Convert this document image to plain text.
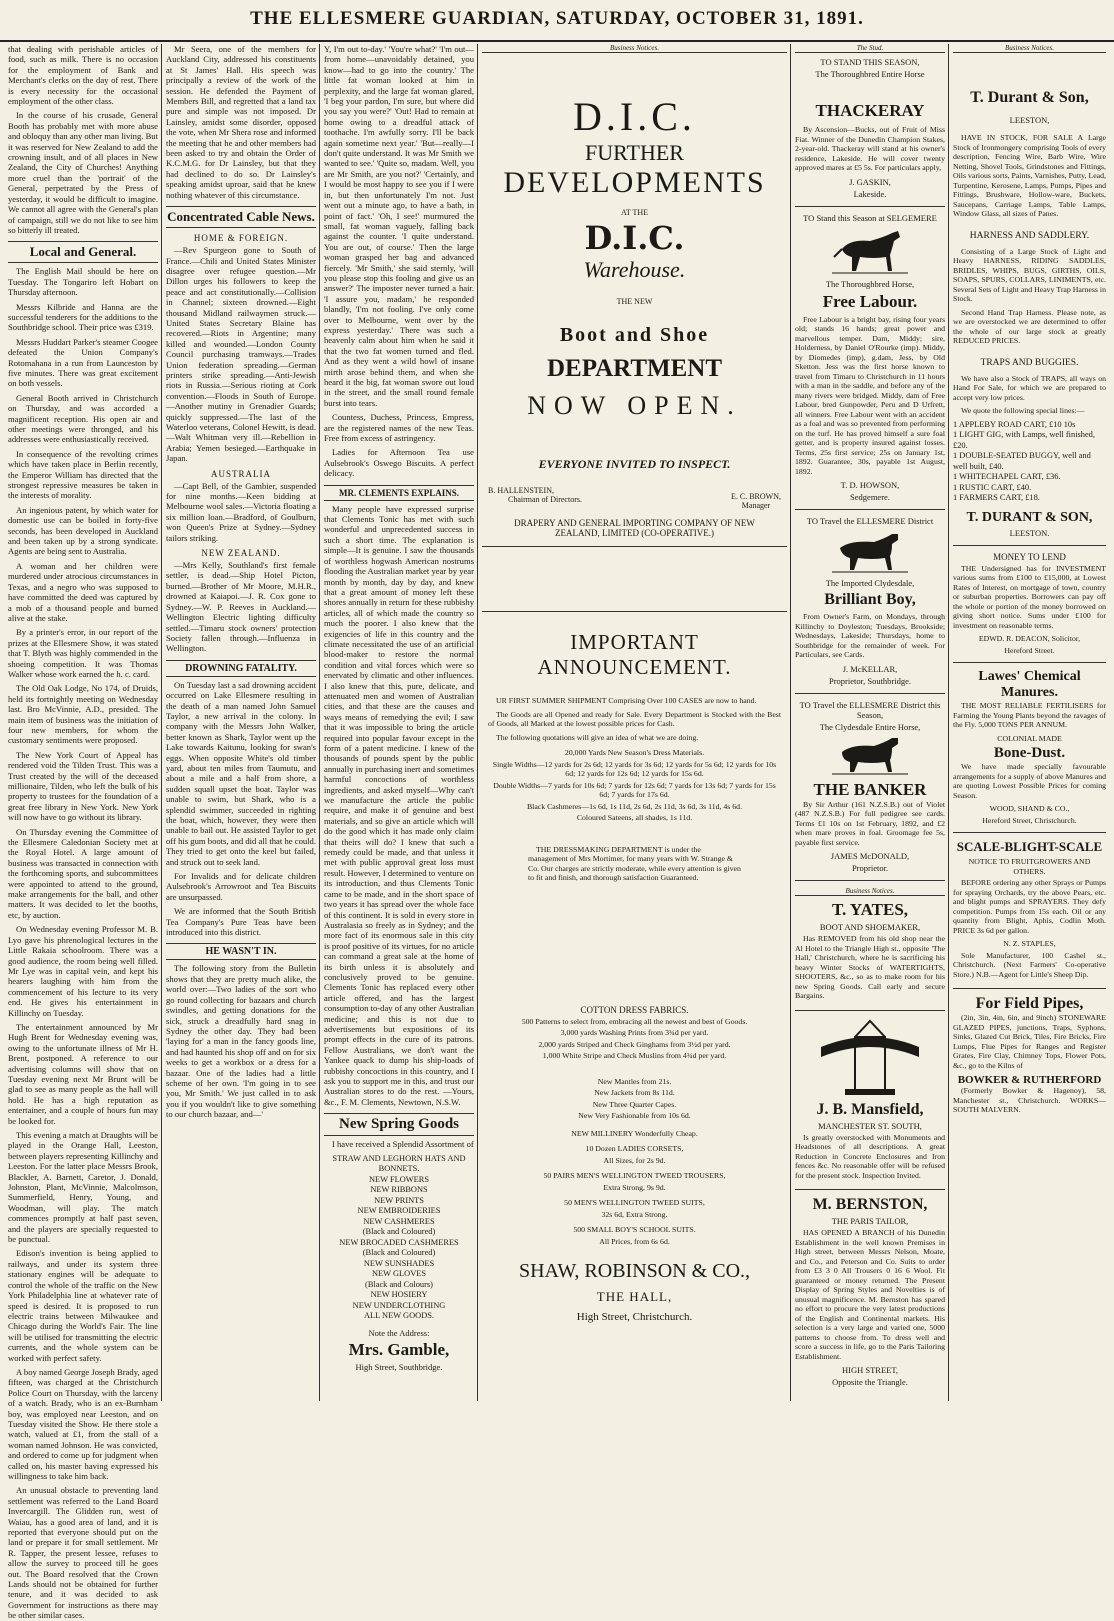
THE ELLESMERE GUARDIAN, SATURDAY, OCTOBER 31, 1891.

that dealing with perishable articles of food, such as milk. There is no occasion for the employment of Bank and Merchant's clerks on the day of rest. There is every necessity for the occasional employment of the other class.

In the course of his crusade, General Booth has probably met with more abuse and obloquy than any other man living. But it was reserved for New Zealand to add the crowning insult, and of all places in New Zealand, the City of Churches! Anything more cruel than the 'portrait' of the General, perpetrated by the Press of yesterday, it would be difficult to imagine. We cannot all agree with the General's plan of campaign, still we do not like to see him so bitterly ill treated.

Local and General.

The English Mail should be here on Tuesday. The Tongariro left Hobart on Thursday afternoon.

Messrs Kilbride and Hanna are the successful tenderers for the additions to the Southbridge school. Their price was £319.

Messrs Huddart Parker's steamer Coogee defeated the Union Company's Rotomahana in a run from Launceston by five minutes. There was great excitement on both vessels.

General Booth arrived in Christchurch on Thursday, and was accorded a magnificent reception. His open air and other meetings were thronged, and his addresses were enthusiastically received.

In consequence of the revolting crimes which have taken place in Berlin recently, the Emperor William has directed that the strongest repressive measures be taken in the interests of morality.

An ingenious patent, by which water for domestic use can be boiled in forty-five seconds, has been developed in Auckland and been taken up by a strong syndicate. Agents are being sent to Australia.

A woman and her children were murdered under atrocious circumstances in Texas, and a negro who was supposed to have committed the deed was captured by a mob of a thousand people and burned alive at the stake.

By a printer's error, in our report of the prizes at the Ellesmere Show, it was stated that T. Blyth was highly commended in the shoeing competition. It was Thomas Walker whose work earned the h. c. card.

The Old Oak Lodge, No 174, of Druids, held its fortnightly meeting on Wednesday last. Bro McVinnie, A.D., presided. The main item of business was the initiation of four new members, for whom the customary sentiments were proposed.

The New York Court of Appeal has rendered void the Tilden Trust. This was a Trust created by the will of the deceased millionaire, Tilden, who left the bulk of his property to trustees for the foundation of a great free library in New York. New York will now have to go without its library.

On Thursday evening the Committee of the Ellesmere Caledonian Society met at the Royal Hotel. A large amount of business was transacted in connection with the forthcoming sports, and subcommittees were appointed to attend to the ground, make arrangements for the ball, and other matters. It was decided to let the booths, etc, by auction.

On Wednesday evening Professor M. B. Lyo gave his phrenological lectures in the Little Rakaia schoolroom. There was a good audience, the room being well filled. Mr Lye was in capital vein, and kept his hearers laughing with him from the commencement of his lecture to its very end. He gives his entertainment in Killinchy on Tuesday.

The entertainment announced by Mr Hugh Brent for Wednesday evening was, owing to the unfortunate illness of Mr H. Brent, postponed. A reference to our advertising columns will show that on Tuesday evening next Mr Brunt will be glad to see as many people as the hall will hold. He has a high reputation as entertainer, and a couple of hours fun may be looked for.

This evening a match at Draughts will be played in the Orange Hall, Leeston, between players representing Killinchy and Leeston. For the latter place Messrs Brook, Blackler, A. Barnett, Caretor, J. Donald, Johnston, Plant, McVinnie, Malcolmson, Summerfield, Henry, Young, and Woodman, will play. The match commences promptly at half past seven, and the players are specially requested to be punctual.

Edison's invention is being applied to railways, and under its system three stationary engines will be adequate to control the whole of the traffic on the New York Philadelphia line at whatever rate of speed is desired. It is proposed to run electric trains between Milwaukee and Chicago during the World's Fair. The line will be utilised for transmitting the electric currents, and the whole system can be worked with perfect safety.

A boy named George Joseph Brady, aged fifteen, was charged at the Christchurch Police Court on Thursday, with the larceny of a watch. Brady, who is an ex-Burnham boy, was employed near Leeston, and on Tuesday visited the Show. He there stole a watch, valued at £1, from the stall of a woman named Johnson. He was convicted, and ordered to come up for judgment when called on, his master having expressed his willingness to take him back.

An unusual obstacle to preventing land settlement was referred to the Land Board Invercargill. The Glidden run, west of Waiau, has a good area of land, and it is reported that everyone should put on the land or prepare it for small settlement. Mr R. Tapper, the present lessee, refuses to allow the survey to proceed till he goes out. The Board resolved that the Crown Lands should not be obtained for further tenure, and it was decided to ask Government for instructions as there may be other similar cases.

Mr Seera, one of the members for Auckland City, addressed his constituents at St James' Hall. His speech was principally a review of the work of the session. He defended the Payment of Members Bill, and regretted that a land tax pure and simple was not imposed. Dr Lainsley, amidst some disorder, opposed the vote, when Mr Shera rose and informed the meeting that he and other members had been asked to try and obtain the Order of K.C.M.G. for Dr Lainsley, but that they had declined to do so. Dr Lainsley's speaking amidst uproar, said that he knew nothing whatever of this circumstance.

Concentrated Cable News.
HOME & FOREIGN.

—Rev Spurgeon gone to South of France.—Chili and United States Minister disagree over refugee question.—Mr Dillon urges his followers to keep the peace and act constitutionally.—Collision in Channel; sixteen drowned.—Eight thousand Midland railwaymen struck.—United States Secretary Blaine has recovered.—Riots in Argentine; many killed and wounded.—London County Council purchasing tramways.—Trades Union federation spreading.—German printers strike spreading.—Anti-Jewish riots in Russia.—Serious rioting at Cork convention.—Floods in South of Europe.—Another mutiny in Grenadier Guards; quickly suppressed.—The last of the Waterloo veterans, Colonel Hewitt, is dead.—Walt Whitman very ill.—Rebellion in Arabia; Yemen besieged.—Earthquake in Japan.

AUSTRALIA

—Capt Bell, of the Gambier, suspended for nine months.—Keen bidding at Melbourne wool sales.—Victoria floating a six million loan.—Bradford, of Goulburn, won Queen's Prize at Sydney.—Sydney tailors striking.

NEW ZEALAND.

—Mrs Kelly, Southland's first female settler, is dead.—Ship Hotel Picton, burned.—Brother of Mr Moore, M.H.R., drowned at Kaiapoi.—J. R. Cox gone to Sydney.—W. P. Reeves in Auckland.—Wellington Electric lighting difficulty settled.—Timaru stock owners' protection Society fallen through.—Influenza in Wellington.

DROWNING FATALITY.

On Tuesday last a sad drowning accident occurred on Lake Ellesmere resulting in the death of a man named John Samuel Taylor, a new arrival in the colony. In company with the Messrs John Walker, better known as Shark, Taylor went up the Lake towards Kaitunu, looking for swan's eggs. When opposite White's old timber yard, about ten miles from Taumutu, and about a mile and a half from shore, a sudden squall upset the boat. Taylor was unable to swim, but Shark, who is a splendid swimmer, succeeded in righting the boat, which, however, they were then unable to bail out. He assisted Taylor to get off his gum boots, and did all that he could. They tried to get onto the keel but failed, and struck out to seek land.

For Invalids and for delicate children Aulsebrook's Arrowroot and Tea Biscuits are unsurpassed.

We are informed that the South British Tea Company's Pure Teas have been introduced into this district.

HE WASN'T IN.

The following story from the Bulletin shows that they are pretty much alike, the world over:—Two ladies of the sort who go round collecting for bazaars and church swindles, and getting donations for the sick, struck a dreadfully hard snag in Sydney the other day. They had been 'laying for' a man in the fancy goods line, and had haunted his shop off and on for six weeks to get a workbox or a dress for a bazaar. One of the ladies had a little scheme of her own. 'I'm going in to see you, Mr Smith.' We just called in to ask you if you wouldn't like to give something to our church bazaar, and—'

Y, I'm out to-day.' 'You're what?' 'I'm out—from home—unavoidably detained, you know—had to go into the country.' The little fat woman looked at him in perplexity, and the large fat woman glared, 'I beg your pardon, I'm sure, but where did you say you were?' 'Out! Had to remain at home owing to a dreadful attack of toothache. I'm awfully sorry. I'll be back again sometime next year.' 'But—really—I don't quite understand. It was Mr Smith we wanted to see.' 'Quite so, madam. Well, you are Mr Smith, are you not?' 'Certainly, and I would be most happy to see you if I were in, but then unfortunately I'm not. Just went out a minute ago, to have a bath, in point of fact.' 'Oh, I see!' murmured the small, fat woman vaguely, falling back against the counter. 'I quite understand. You are out, of course.' Then the large woman grasped her bag and advanced fiercely. 'Mr Smith,' she said sternly, 'will you please stop this fooling and give us an answer?' The imposter never turned a hair. 'I assure you, madam,' he responded blandly, 'I'm not fooling. I've only come over to Melbourne, went over by the express yesterday.' There was such a heavenly calm about him when he said it that the two fat women turned and fled. And as they went a wild howl of insane mirth arose behind them, and when she heard it the big, fat woman swore out loud in the street, and the small round female burst into tears.

Countess, Duchess, Princess, Empress, are the registered names of the new Teas. Free from excess of astringency.

Ladies for Afternoon Tea use Aulsebrook's Oswego Biscuits. A perfect delicacy.

MR. CLEMENTS EXPLAINS.

Many people have expressed surprise that Clements Tonic has met with such wonderful and unprecedented success in such a short time. The explanation is simple—It is genuine. I saw the thousands of worthless hogwash American nostrums flooding the Australian market year by year month by month, day by day, and knew that a great amount of money left these shores annually in return for these rubbishy articles, all of which made the country so much the poorer. I also knew that the exigencies of life in this country and the climate necessitated the use of an artificial blood-maker to restore the normal condition and vital forces which were so enervated by climatic and other influences. I also knew that this, pure, delicate, and attenuated men and women of Australian cities, and that these are the causes and ways means of remedying the evil; I saw that it was impossible to bring the article required into popular favour except in the form of a patent medicine. I knew of the thousands of pounds spent by the public annually in purchasing inert and sometimes harmful concoctions of worthless ingredients, and asked myself—Why can't we manufacture the article the public require, and make it of genuine and best materials, and so give an article which will do the good which it has made only claim that theirs will do? I knew that such a remedy could be made, and that unless it met with public approval great loss must result. However, I determined to venture on its introduction, and thus Clements Tonic came to be made, and in the short space of two years it has spread over the whole face of this continent. It is sold in every store in Australasia so freely as in Sydney; and the more fact of its enormous sale in this city is proof positive of its virtues, for no article can command a great sale at the home of its birth unless it is absolutely and conclusively proved to be genuine. Clements Tonic has replaced every other article offered, and has the largest consumption to-day of any other Australian medicine; and this is not due to advertisements but expositions of its prompt effects in the cure of its patrons. Fellow Australians, we don't want the Yankee quack to dump his ship-loads of rubbishy concoctions in this country, and I ask you to support me in this, and trust our Australian stores to do the rest. —Yours, &c., F. M. Clements, Newtown, N.S.W.

New Spring Goods

I have received a Splendid Assortment of

STRAW AND LEGHORN HATS AND BONNETS.
NEW FLOWERS
NEW RIBBONS
NEW PRINTS
NEW EMBROIDERIES
NEW CASHMERES
(Black and Coloured)
NEW BROCADED CASHMERES
(Black and Coloured)
NEW SUNSHADES
NEW GLOVES
(Black and Colours)
NEW HOSIERY
NEW UNDERCLOTHING
ALL NEW GOODS.
Note the Address:
Mrs. Gamble,
High Street, Southbridge.
Business Notices.
D.I.C.
FURTHER
DEVELOPMENTS
AT THE
D.I.C.
Warehouse.
THE NEW
Boot and Shoe
DEPARTMENT
NOW OPEN.
EVERYONE INVITED TO INSPECT.
B. HALLENSTEIN,
Chairman of Directors.	E. C. BROWN,
Manager
DRAPERY AND GENERAL IMPORTING COMPANY OF NEW ZEALAND, LIMITED (CO-OPERATIVE.)
IMPORTANT ANNOUNCEMENT.

UR FIRST SUMMER SHIPMENT Comprising Over 100 CASES are now to hand.

The Goods are all Opened and ready for Sale. Every Department is Stocked with the Best of Goods, all Marked at the lowest possible prices for Cash.

The following quotations will give an idea of what we are doing.

20,000 Yards New Season's Dress Materials.
Single Widths—12 yards for 2s 6d; 12 yards for 3s 6d; 12 yards for 5s 6d; 12 yards for 10s 6d; 12 yards for 12s 6d; 12 yards for 15s 6d.
Double Widths—7 yards for 10s 6d; 7 yards for 12s 6d; 7 yards for 13s 6d; 7 yards for 15s 6d; 7 yards for 17s 6d.
Black Cashmeres—1s 6d, 1s 11d, 2s 6d, 2s 11d, 3s 6d, 3s 11d, 4s 6d.
Coloured Sateens, all shades, 1s 11d.

THE DRESSMAKING DEPARTMENT is under the management of Mrs Mortimer, for many years with W. Strange & Co. Our charges are strictly moderate, while every attention is given to fit and finish, and thorough satisfaction Guaranteed.

COTTON DRESS FABRICS.
500 Patterns to select from, embracing all the newest and best of Goods.
3,000 yards Washing Prints from 3¾d per yard.
2,000 yards Striped and Check Ginghams from 3½d per yard.
1,000 White Stripe and Check Muslins from 4¾d per yard.
New Mantles from 21s.
New Jackets from 8s 11d.
New Three Quarter Capes.
New Very Fashionable from 10s 6d.
NEW MILLINERY Wonderfully Cheap.
10 Dozen LADIES CORSETS,
All Sizes, for 2s 9d.
50 PAIRS MEN'S WELLINGTON TWEED TROUSERS,
Extra Strong, 9s 9d.
50 MEN'S WELLINGTON TWEED SUITS,
32s 6d, Extra Strong.
500 SMALL BOY'S SCHOOL SUITS.
All Prices, from 6s 6d.
SHAW, ROBINSON & CO.,
THE HALL,
High Street, Christchurch.
The Stud.
TO STAND THIS SEASON,
The Thoroughbred Entire Horse
THACKERAY

By Ascension—Bucks, out of Fruit of Miss Fiat. Winner of the Dunedin Champion Stakes, 2-year-old. Thackeray will stand at his owner's residence, Lakeside. He will cover twenty approved mares at £5 5s. For particulars apply,

J. GASKIN,
Lakeside.
TO Stand this Season at SELGEMERE
The Thoroughbred Horse,
Free Labour.

Free Labour is a bright bay, rising four years old; stands 16 hands; great power and marvellous temper. Dam, Middy; sire, Holderness, by Daniel O'Rourke (imp). Middy, by Diomedes (imp), g.dam, Jess, by Old Sketton. Jess was the first horse known to travel from Timaru to Christchurch in 11 hours with a man in the saddle, and before any of the many rivers were bridged. Middy, dam of Free Labour, bred Gunpowder, Peru and D Urfrett, all winners. Free Labour went with an accident as a foal and was so prevented from performing on the turf. He has proved himself a sure foal getter, and is property insured against losses. Terms, 25s first service; 25s on January 1st, 1892. Guarantee, 30s, payable 1st August, 1892.

T. D. HOWSON,
Sedgemere.
TO Travel the ELLESMERE District
The Imported Clydesdale,
Brilliant Boy,

From Owner's Farm, on Mondays, through Killinchy to Doyleston; Tuesdays, Brookside; Wednesdays, Lakeside; Thursdays, home to Southbridge for the remainder of week. For Particulars, see Cards.

J. McKELLAR,
Proprietor, Southbridge.
TO Travel the ELLESMERE District this Season,
The Clydesdale Entire Horse,
THE BANKER

By Sir Arthur (161 N.Z.S.B.) out of Violet (487 N.Z.S.B.) For full pedigree see cards. Terms £1 10s on 1st February, 1892, and £2 when mare proves in foal. Groomage fee 5s, payable first service.

JAMES McDONALD,
Proprietor.
Business Notices.
T. YATES,
BOOT AND SHOEMAKER,

Has REMOVED from his old shop near the Al Hotel to the Triangle High st., opposite 'The Hall,' Christchurch, where he is sacrificing his heavy Winter Stocks of WATERTIGHTS, SHOOTERS, &c., so as to make room for his new Spring Goods. Call early and secure Bargains.

J. B. Mansfield,
MANCHESTER ST. SOUTH,

Is greatly overstocked with Monuments and Headstones of all descriptions. A great Reduction in Concrete Enclosures and Iron fences &c. No reasonable offer will be refused for the present stock. Inspection Invited.

M. BERNSTON,
THE PARIS TAILOR,

HAS OPENED A BRANCH of his Dunedin Establishment in the well known Premises in High street, between Messrs Nelson, Moate, and Co., and Peterson and Co. Suits to order from £3 3 0 All Trousers 0 16 6 Wool. Fit guaranteed or money returned. The Present Display of Spring Styles and Novelties is of unusual magnificence. M. Bernston has spared no effort to procure the very latest productions of the English and Continental markets. His selection is a very large and varied one, 5000 patterns to choose from. To dress well and score a success in life, go to the Paris Tailoring Establishment.

HIGH STREET,
Opposite the Triangle.
Business Notices.
T. Durant & Son,
LEESTON,

HAVE IN STOCK, FOR SALE A Large Stock of Ironmongery comprising Tools of every description, Fencing Wire, Barb Wire, Wire Netting, Shovel Tools, Grindstones and Fittings, Oils various sorts, Paints, Varnishes, Putty, Lead, Turpentine, Kerosene, Lamps, Pumps, Pipes and Fittings, Brushware, Hollow-ware, Buckets, Saucepans, Carriage Lamps, Table Lamps, Window Glass, all sizes of Panes.

HARNESS AND SADDLERY.

Consisting of a Large Stock of Light and Heavy HARNESS, RIDING SADDLES, BRIDLES, WHIPS, BUGS, GIRTHS, OILS, SOAPS, SPURS, COLLARS, LINIMENTS, etc. Several Sets of Light and Heavy Trap Harness in Stock.

Second Hand Trap Harness. Please note, as we are overstocked we are determined to offer the whole of our large stock at greatly REDUCED PRICES.

TRAPS AND BUGGIES.

We have also a Stock of TRAPS, all ways on Hand For Sale, for which we are prepared to accept very low prices.

We quote the following special lines:—

1 APPLEBY ROAD CART, £10 10s
1 LIGHT GIG, with Lamps, well finished, £20.
1 DOUBLE-SEATED BUGGY, well and well built, £40.
1 WHITECHAPEL CART, £36.
1 RUSTIC CART, £40.
1 FARMERS CART, £18.
T. DURANT & SON,
LEESTON.
MONEY TO LEND

THE Undersigned has for INVESTMENT various sums from £100 to £15,000, at Lowest Rates of Interest, on mortgage of town, country or suburban properties. Borrowers can pay off the whole or portion of the money borrowed on giving short notice. Sums under £100 for investment on reasonable terms.

EDWD. R. DEACON, Solicitor,
Hereford Street.
Lawes' Chemical Manures.

THE MOST RELIABLE FERTILISERS for Farming the Young Plants beyond the ravages of the Fly. 5,000 TONS PER ANNUM.

COLONIAL MADE
Bone-Dust.

We have made specially favourable arrangements for a supply of above Manures and are quoting Lowest Possible Prices for coming Season.

WOOD, SHAND & CO.,
Hereford Street, Christchurch.
SCALE-BLIGHT-SCALE
NOTICE TO FRUITGROWERS AND OTHERS.

BEFORE ordering any other Sprays or Pumps for spraying Orchards, try the above Pears, etc. and blight pumps and SPRAYERS. They defy competition. Pumps from 15s each. Oil or any quantity from Blight, Aphis, Codlin Moth. PRICE 3s 6d per gallon.

N. Z. STAPLES,

Sole Manufacturer, 100 Cashel st., Christchurch. (Next Farmers' Co-operative Store.) N.B.—Agent for Little's Sheep Dip.

For Field Pipes,

(2in, 3in, 4in, 6in, and 9inch) STONEWARE GLAZED PIPES, junctions, Traps, Syphons, Sinks, Glazed Cut Brick, Tiles, Fire Bricks, Fire Lumps, Flue Pipes for Ranges and Register Grates, Fire Clay, Chimney Tops, Flower Pots, &c., go to the Kilns of

BOWKER & RUTHERFORD

(Formerly Bowker & Hagenoy), 58, Manchester st., Christchurch. WORKS—SOUTH MALVERN.
